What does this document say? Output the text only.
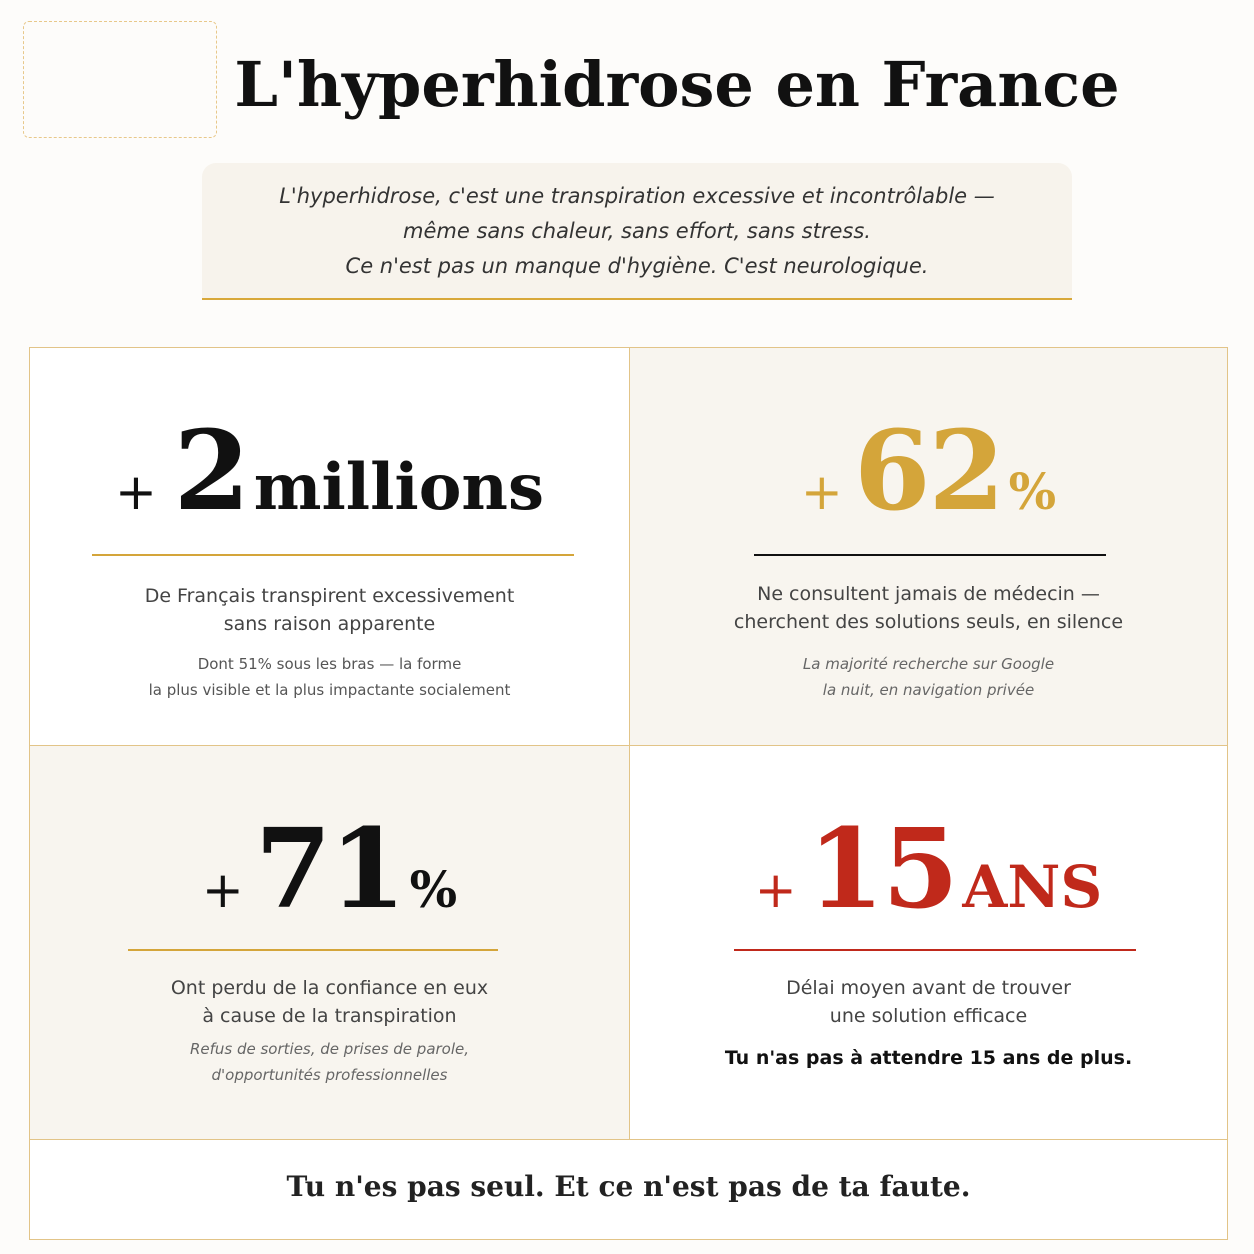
L'hyperhidrose en France
L'hyperhidrose, c'est une transpiration excessive et incontrôlable —
même sans chaleur, sans effort, sans stress.
Ce n'est pas un manque d'hygiène. C'est neurologique.
+ 2 millions
De Français transpirent excessivement
sans raison apparente
Dont 51% sous les bras — la forme
la plus visible et la plus impactante socialement
+ 62 %
Ne consultent jamais de médecin —
cherchent des solutions seuls, en silence
La majorité recherche sur Google
la nuit, en navigation privée
+ 71 %
Ont perdu de la confiance en eux
à cause de la transpiration
Refus de sorties, de prises de parole,
d'opportunités professionnelles
+ 15 ANS
Délai moyen avant de trouver
une solution efficace
Tu n'as pas à attendre 15 ans de plus.
Tu n'es pas seul. Et ce n'est pas de ta faute.
